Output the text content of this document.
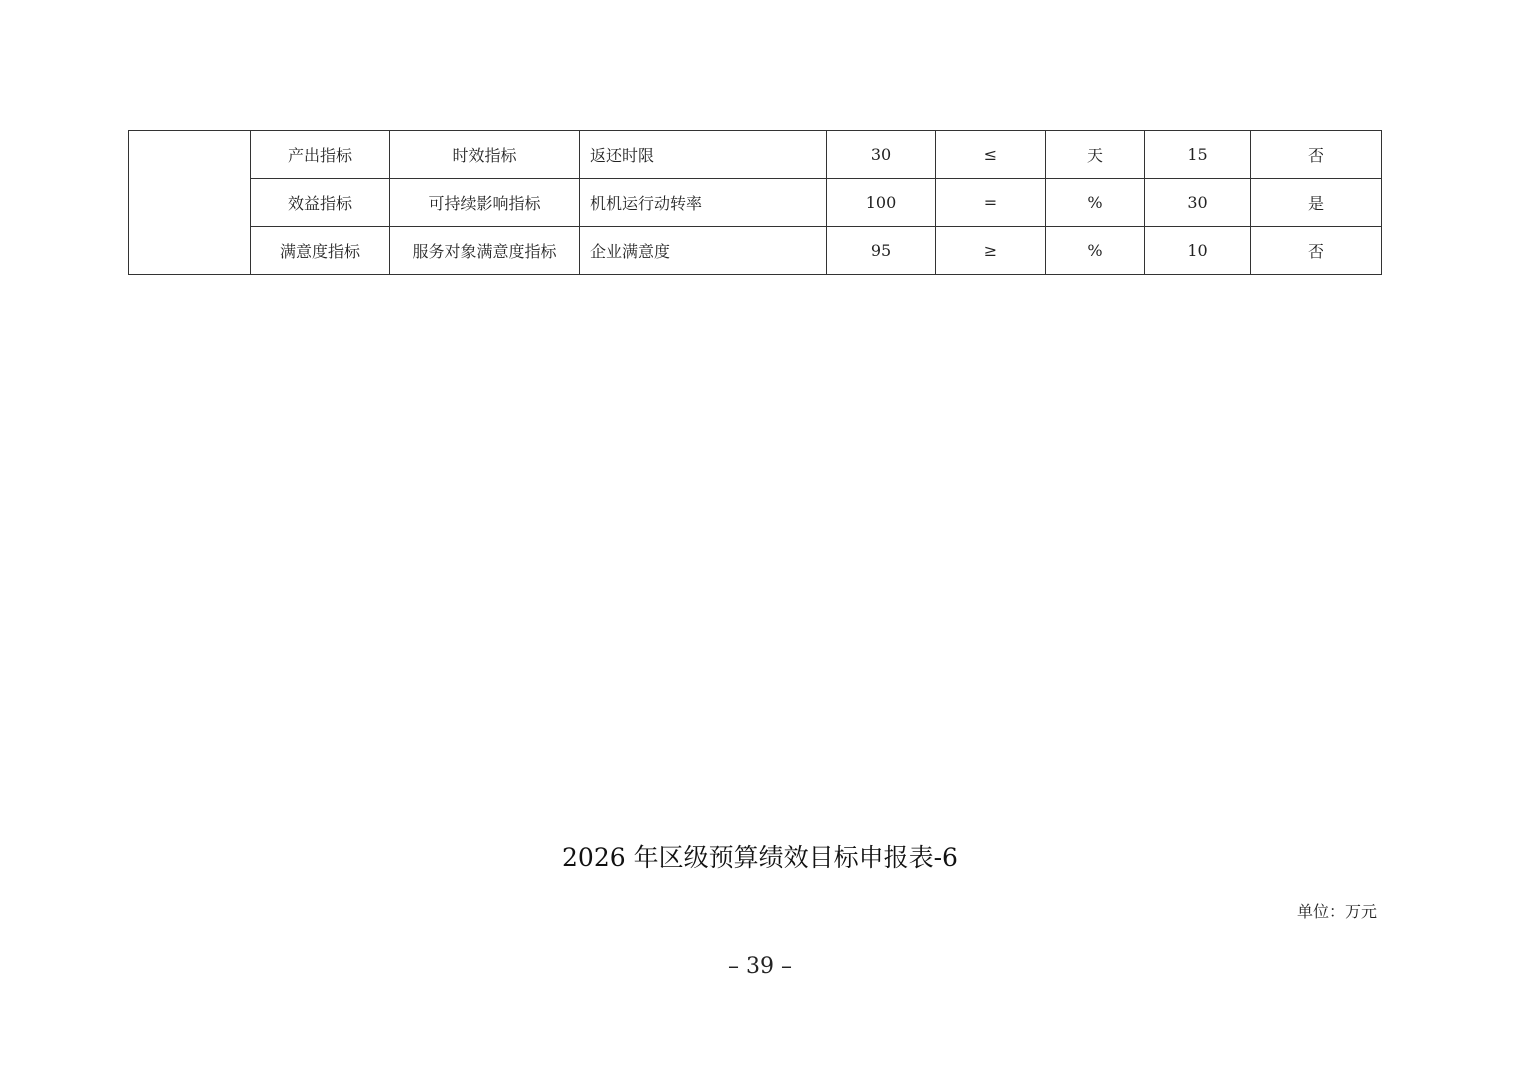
	产出指标	时效指标	返还时限	30	≤	天	15	否
	效益指标	可持续影响指标	机机运行动转率	100	=	%	30	是
	满意度指标	服务对象满意度指标	企业满意度	95	≥	%	10	否
2026 年区级预算绩效目标申报表-6
单位：万元
– 39 –
